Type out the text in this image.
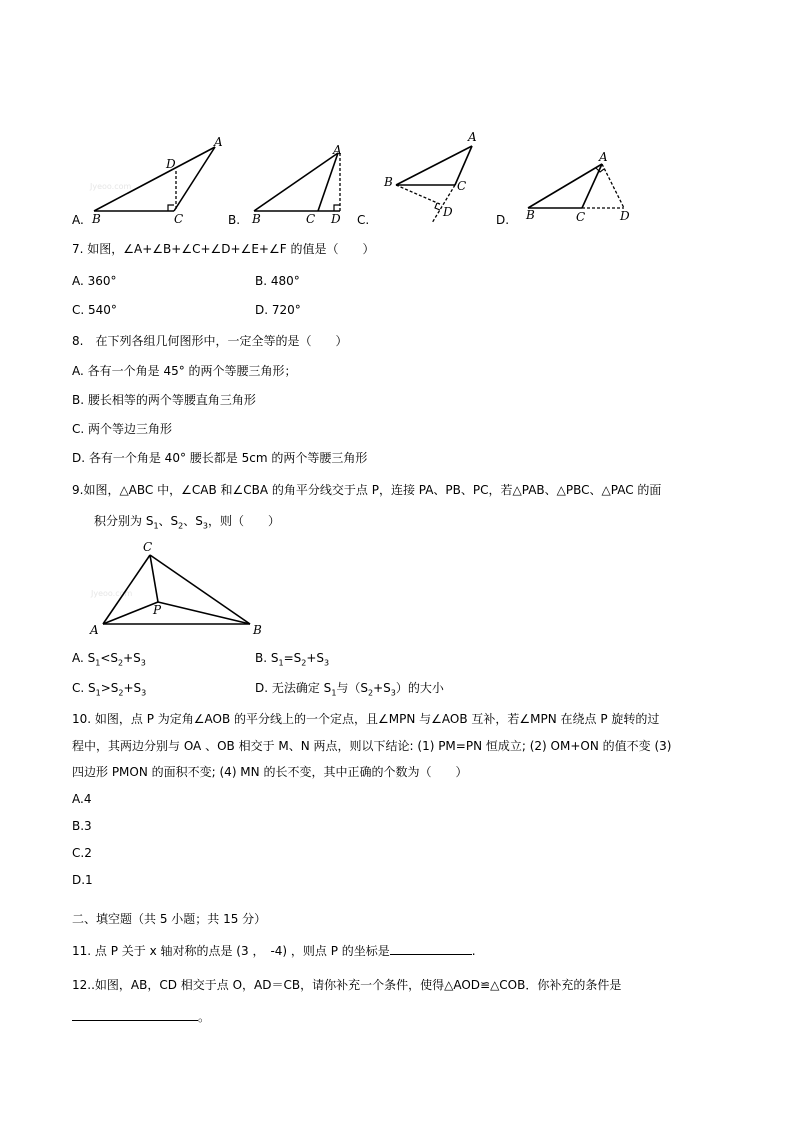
Jyeoo.com
D
A
B	C
A.
A
B	C D
B.
A
B	C
D
C.
A
B	C	D
D.
7. 如图，∠A+∠B+∠C+∠D+∠E+∠F 的值是（　　）
A. 360°	B. 480°
C. 540°	D. 720°
8.　在下列各组几何图形中，一定全等的是（　　）
A. 各有一个角是 45° 的两个等腰三角形；
B. 腰长相等的两个等腰直角三角形
C. 两个等边三角形
D. 各有一个角是 40° 腰长都是 5cm 的两个等腰三角形
9.如图，△ABC 中，∠CAB 和∠CBA 的角平分线交于点 P，连接 PA、PB、PC，若△PAB、△PBC、△PAC 的面
积分别为 $S_1$、$S_2$、$S_3$，则（　　）
Jyeoo.com
C
P
A	B
A. $S_1<S_2+S_3$	B. $S_1=S_2+S_3$
C. $S_1>S_2+S_3$	D. 无法确定 $S_1$与$(S_2+S_3)$的大小
10. 如图，点 P 为定角∠AOB 的平分线上的一个定点，且∠MPN 与∠AOB 互补，若∠MPN 在绕点 P 旋转的过
程中，其两边分别与 OA 、OB 相交于 M、N 两点，则以下结论: (1) PM=PN 恒成立; (2) OM+ON 的值不变 (3)
四边形 PMON 的面积不变; (4) MN 的长不变，其中正确的个数为（　　）
A.4
B.3
C.2
D.1
二、填空题（共 5 小题；共 15 分）
11. 点 P 关于 x 轴对称的点是 (3 ，　-4) ，则点 P 的坐标是	.
12..如图，AB，CD 相交于点 O，AD＝CB，请你补充一个条件，使得△AOD≌△COB．你补充的条件是
。
